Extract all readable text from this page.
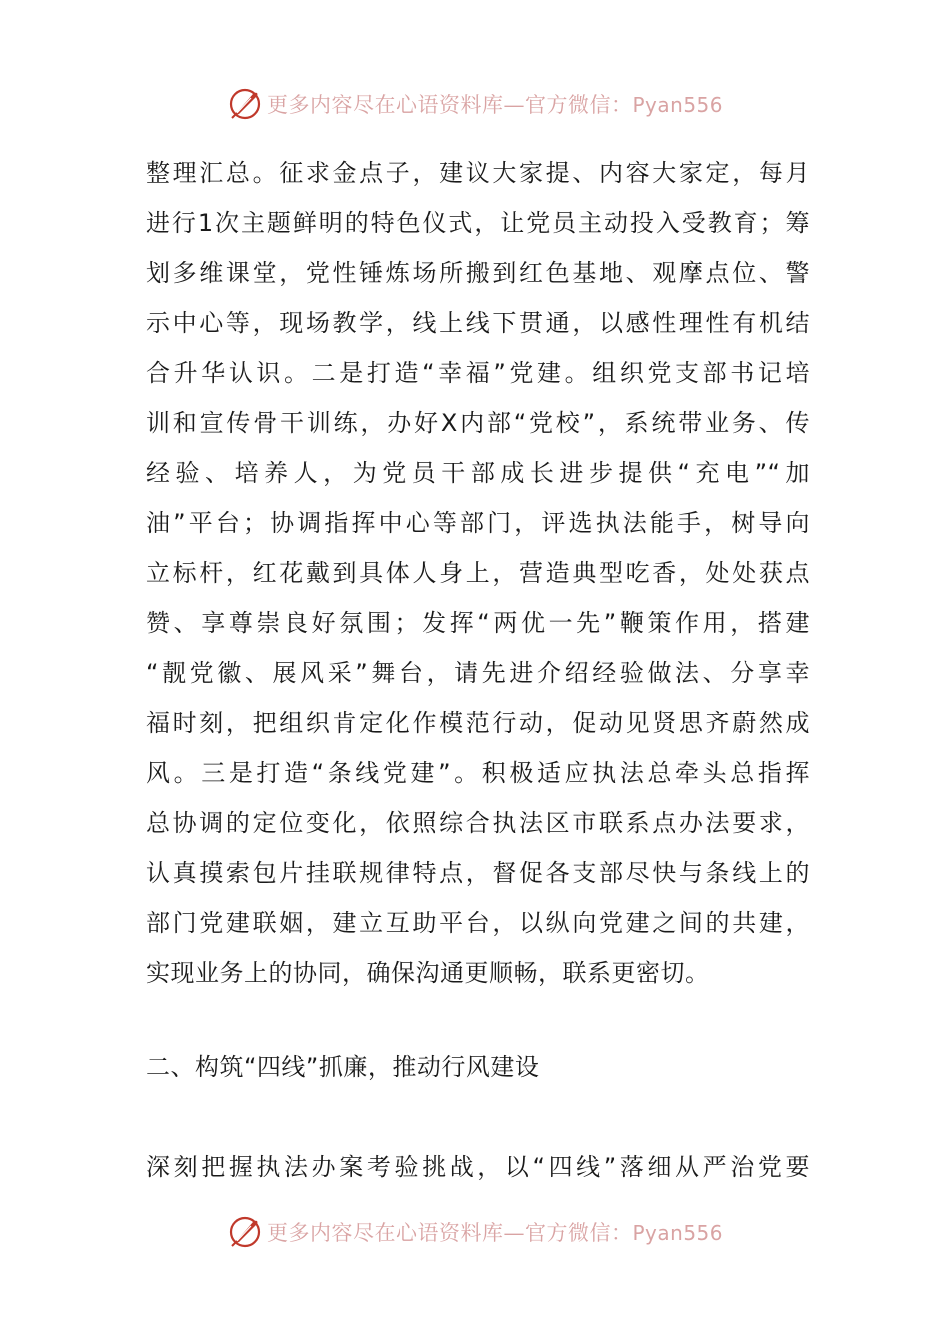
更多内容尽在心语资料库—官方微信：Pyan556
整理汇总。征求金点子，建议大家提、内容大家定，每月
进行1次主题鲜明的特色仪式，让党员主动投入受教育；筹
划多维课堂，党性锤炼场所搬到红色基地、观摩点位、警
示中心等，现场教学，线上线下贯通，以感性理性有机结
合升华认识。二是打造“幸福”党建。组织党支部书记培
训和宣传骨干训练，办好X内部“党校”，系统带业务、传
经验、培养人，为党员干部成长进步提供“充电”“加
油”平台；协调指挥中心等部门，评选执法能手，树导向
立标杆，红花戴到具体人身上，营造典型吃香，处处获点
赞、享尊崇良好氛围；发挥“两优一先”鞭策作用，搭建
“靓党徽、展风采”舞台，请先进介绍经验做法、分享幸
福时刻，把组织肯定化作模范行动，促动见贤思齐蔚然成
风。三是打造“条线党建”。积极适应执法总牵头总指挥
总协调的定位变化，依照综合执法区市联系点办法要求，
认真摸索包片挂联规律特点，督促各支部尽快与条线上的
部门党建联姻，建立互助平台，以纵向党建之间的共建，
实现业务上的协同，确保沟通更顺畅，联系更密切。
二、构筑“四线”抓廉，推动行风建设
深刻把握执法办案考验挑战，以“四线”落细从严治党要
更多内容尽在心语资料库—官方微信：Pyan556
